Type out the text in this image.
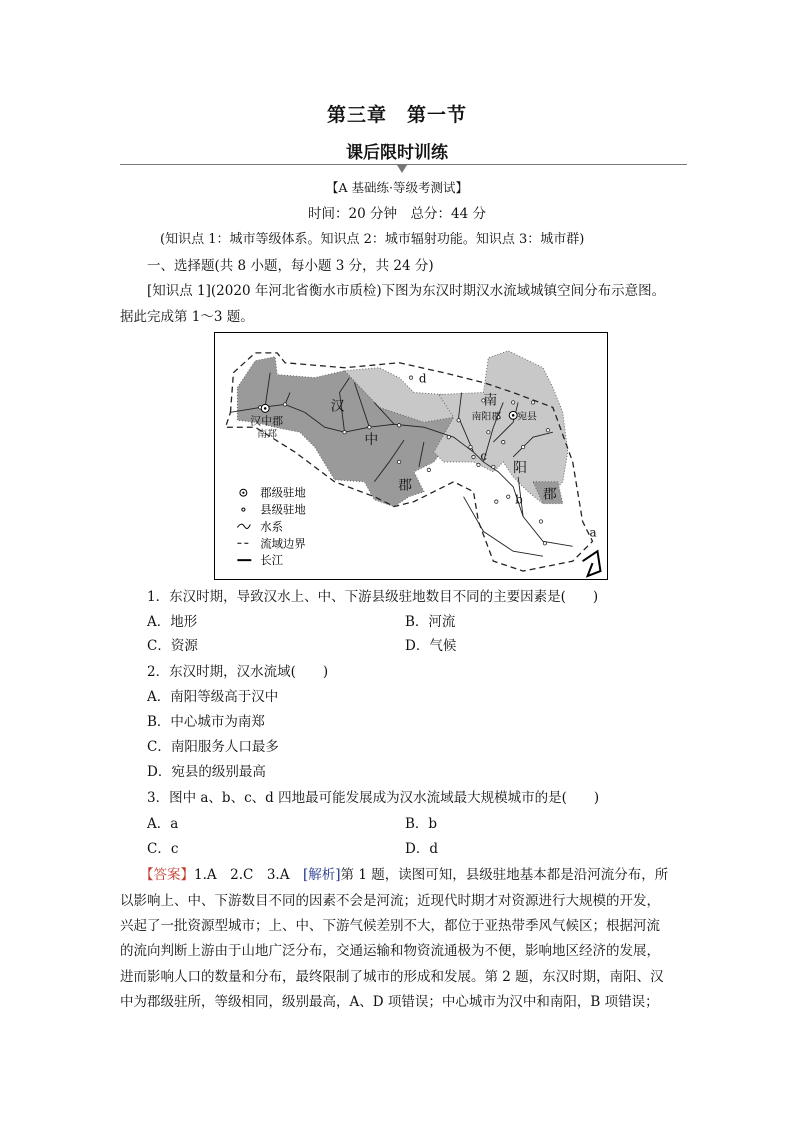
第三章　第一节
课后限时训练
【A 基础练·等级考测试】
时间：20 分钟　总分：44 分
(知识点 1：城市等级体系。知识点 2：城市辐射功能。知识点 3：城市群)
一、选择题(共 8 小题，每小题 3 分，共 24 分)
[知识点 1](2020 年河北省衡水市质检)下图为东汉时期汉水流域城镇空间分布示意图。
据此完成第 1～3 题。
汉中郡
南郑
汉
中
郡
南
南阳郡 宛县
阳
郡
a
b
c
d
郡级驻地
县级驻地
水系
流域边界
长江
1．东汉时期，导致汉水上、中、下游县级驻地数目不同的主要因素是(　　)
A．地形	B．河流
C．资源	D．气候
2．东汉时期，汉水流域(　　)
A．南阳等级高于汉中
B．中心城市为南郑
C．南阳服务人口最多
D．宛县的级别最高
3．图中 a、b、c、d 四地最可能发展成为汉水流域最大规模城市的是(　　)
A．a	B．b
C．c	D．d
【答案】1.A　2.C　3.A　[解析]第 1 题，读图可知，县级驻地基本都是沿河流分布，所
以影响上、中、下游数目不同的因素不会是河流；近现代时期才对资源进行大规模的开发，
兴起了一批资源型城市；上、中、下游气候差别不大，都位于亚热带季风气候区；根据河流
的流向判断上游由于山地广泛分布，交通运输和物资流通极为不便，影响地区经济的发展，
进而影响人口的数量和分布，最终限制了城市的形成和发展。第 2 题，东汉时期，南阳、汉
中为郡级驻所，等级相同，级别最高，A、D 项错误；中心城市为汉中和南阳，B 项错误；
